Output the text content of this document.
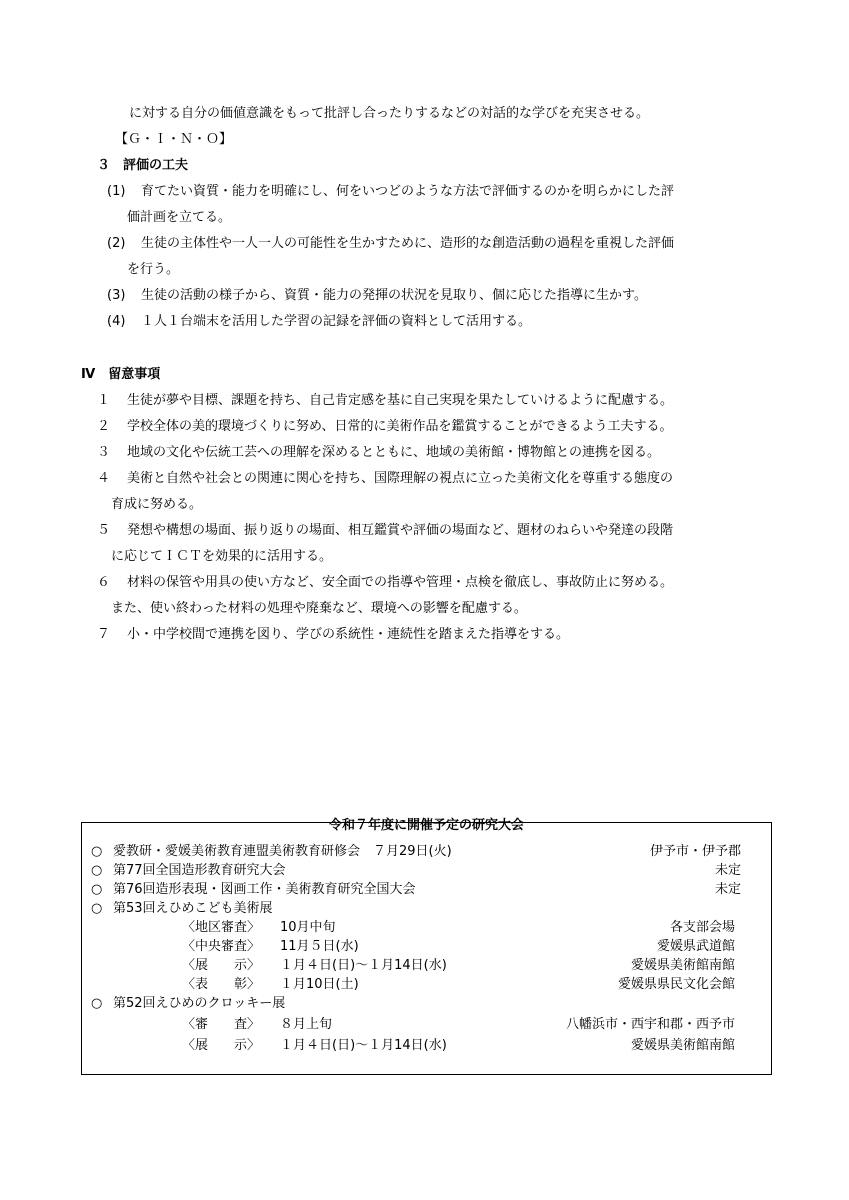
に対する自分の価値意識をもって批評し合ったりするなどの対話的な学びを充実させる。
【Ｇ・Ｉ・Ｎ・Ｏ】
３　評価の工夫
(1) 育てたい資質・能力を明確にし、何をいつどのような方法で評価するのかを明らかにした評
価計画を立てる。
(2) 生徒の主体性や一人一人の可能性を生かすために、造形的な創造活動の過程を重視した評価
を行う。
(3) 生徒の活動の様子から、資質・能力の発揮の状況を見取り、個に応じた指導に生かす。
(4) １人１台端末を活用した学習の記録を評価の資料として活用する。
Ⅳ　留意事項
１ 生徒が夢や目標、課題を持ち、自己肯定感を基に自己実現を果たしていけるように配慮する。
２ 学校全体の美的環境づくりに努め、日常的に美術作品を鑑賞することができるよう工夫する。
３ 地域の文化や伝統工芸への理解を深めるとともに、地域の美術館・博物館との連携を図る。
４ 美術と自然や社会との関連に関心を持ち、国際理解の視点に立った美術文化を尊重する態度の
育成に努める。
５ 発想や構想の場面、振り返りの場面、相互鑑賞や評価の場面など、題材のねらいや発達の段階
に応じてＩＣＴを効果的に活用する。
６ 材料の保管や用具の使い方など、安全面での指導や管理・点検を徹底し、事故防止に努める。
また、使い終わった材料の処理や廃棄など、環境への影響を配慮する。
７ 小・中学校間で連携を図り、学びの系統性・連続性を踏まえた指導をする。
令和７年度に開催予定の研究大会
○ 愛教研・愛媛美術教育連盟美術教育研修会　７月29日(火)	伊予市・伊予郡
○ 第77回全国造形教育研究大会	未定
○ 第76回造形表現・図画工作・美術教育研究全国大会	未定
○ 第53回えひめこども美術展
〈地区審査〉 10月中旬	各支部会場
〈中央審査〉 11月５日(水)	愛媛県武道館
〈展　　示〉 １月４日(日)～１月14日(水)	愛媛県美術館南館
〈表　　彰〉 １月10日(土)	愛媛県県民文化会館
○ 第52回えひめのクロッキー展
〈審　　査〉 ８月上旬	八幡浜市・西宇和郡・西予市
〈展　　示〉 １月４日(日)～１月14日(水)	愛媛県美術館南館
